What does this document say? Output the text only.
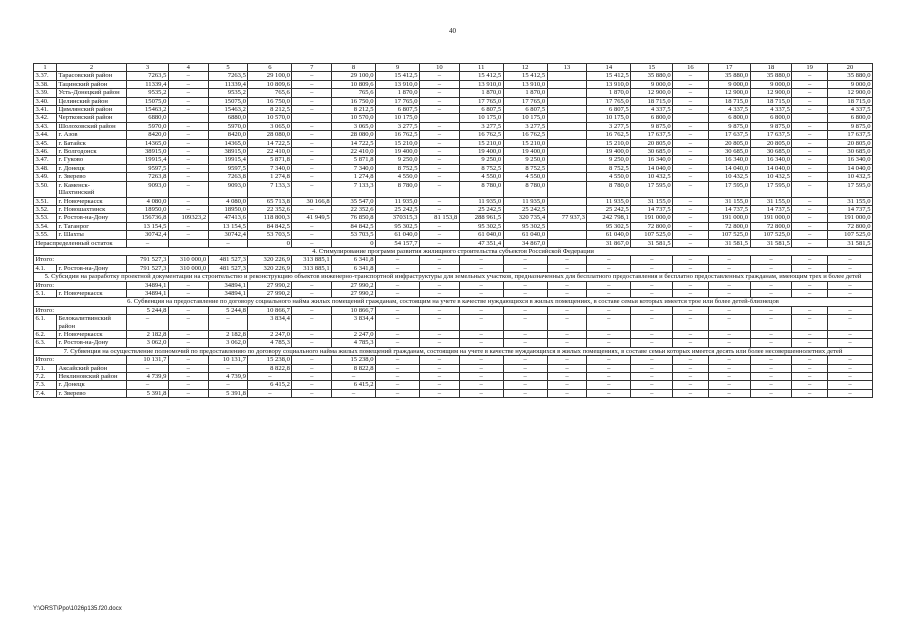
40
1	2	3	4	5	6	7	8	9	10	11	12	13	14	15	16	17	18	19	20
3.37.	Тарасовский район	7263,5	–	7263,5	29 100,0	–	29 100,0	15 412,5	–	15 412,5	15 412,5		15 412,5	35 880,0	–	35 880,0	35 880,0	–	35 880,0
3.38.	Тацинский район	11339,4	–	11339,4	10 809,6	–	10 809,6	13 910,0	–	13 910,0	13 910,0		13 910,0	9 000,0	–	9 000,0	9 000,0	–	9 000,0
3.39.	Усть-Донецкий район	9535,2	–	9535,2	765,6	–	765,6	1 870,0	–	1 870,0	1 870,0		1 870,0	12 900,0	–	12 900,0	12 900,0	–	12 900,0
3.40.	Целинский район	15075,0	–	15075,0	16 750,0	–	16 750,0	17 765,0	–	17 765,0	17 765,0		17 765,0	18 715,0	–	18 715,0	18 715,0	–	18 715,0
3.41.	Цимлянский район	15463,2	–	15463,2	8 212,5	–	8 212,5	6 807,5	–	6 807,5	6 807,5		6 807,5	4 337,5	–	4 337,5	4 337,5	–	4 337,5
3.42.	Чертковский район	6880,0		6880,0	10 570,0		10 570,0	10 175,0		10 175,0	10 175,0		10 175,0	6 800,0		6 800,0	6 800,0		6 800,0
3.43.	Шолоховский район	5970,0	–	5970,0	3 065,0	–	3 065,0	3 277,5	–	3 277,5	3 277,5		3 277,5	9 875,0	–	9 875,0	9 875,0	–	9 875,0
3.44.	г. Азов	8420,0	–	8420,0	28 080,0	–	28 080,0	16 762,5	–	16 762,5	16 762,5		16 762,5	17 637,5	–	17 637,5	17 637,5	–	17 637,5
3.45.	г. Батайск	14365,0	–	14365,0	14 722,5	–	14 722,5	15 210,0	–	15 210,0	15 210,0		15 210,0	20 805,0	–	20 805,0	20 805,0	–	20 805,0
3.46.	г. Волгодонск	38915,0	–	38915,0	22 410,0	–	22 410,0	19 400,0	–	19 400,0	19 400,0		19 400,0	30 685,0	–	30 685,0	30 685,0	–	30 685,0
3.47.	г. Гуково	19915,4	–	19915,4	5 871,8	–	5 871,8	9 250,0	–	9 250,0	9 250,0		9 250,0	16 340,0	–	16 340,0	16 340,0	–	16 340,0
3.48.	г. Донецк	9597,5	–	9597,5	7 340,0	–	7 340,0	8 752,5	–	8 752,5	8 752,5		8 752,5	14 040,0	–	14 040,0	14 040,0	–	14 040,0
3.49.	г. Зверево	7263,8	–	7263,8	1 274,8	–	1 274,8	4 550,0	–	4 550,0	4 550,0		4 550,0	10 432,5	–	10 432,5	10 432,5	–	10 432,5
3.50.	г. Каменск-Шахтинский	9093,0	–	9093,0	7 133,3	–	7 133,3	8 780,0	–	8 780,0	8 780,0		8 780,0	17 595,0	–	17 595,0	17 595,0	–	17 595,0
3.51.	г. Новочеркасск	4 080,0	–	4 080,0	65 713,8	30 166,8	35 547,0	11 935,0	–	11 935,0	11 935,0		11 935,0	31 155,0	–	31 155,0	31 155,0	–	31 155,0
3.52.	г. Новошахтинск	18950,0	–	18950,0	22 352,6	–	22 352,6	25 242,5	–	25 242,5	25 242,5		25 242,5	14 737,5	–	14 737,5	14 737,5	–	14 737,5
3.53.	г. Ростов-на-Дону	156736,8	109323,2	47413,6	118 800,3	41 949,5	76 850,8	370315,3	81 153,8	288 961,5	320 735,4	77 937,3	242 798,1	191 000,0	–	191 000,0	191 000,0	–	191 000,0
3.54.	г. Таганрог	13 154,5	–	13 154,5	84 842,5	–	84 842,5	95 302,5	–	95 302,5	95 302,5		95 302,5	72 800,0	–	72 800,0	72 800,0	–	72 800,0
3.55.	г. Шахты	30742,4	–	30742,4	53 703,5	–	53 703,5	61 040,0	–	61 040,0	61 040,0		61 040,0	107 525,0	–	107 525,0	107 525,0	–	107 525,0
Нераспределенный остаток		–		–	0	–	0	54 157,7	–	47 351,4	34 867,0		31 867,0	31 581,5	–	31 581,5	31 581,5	–	31 581,5
4. Стимулирование программ развития жилищного строительства субъектов Российской Федерации																			
Итого:		791 527,3	310 000,0	481 527,3	320 226,9	313 885,1	6 341,8	–	–	–	–	–	–	–	–	–	–	–	–
4.1.	г. Ростов-на-Дону	791 527,3	310 000,0	481 527,3	320 226,9	313 885,1	6 341,8	–	–	–	–	–	–	–	–	–	–	–	–
5. Субсидии на разработку проектной документации на строительство и реконструкцию объектов инженерно-транспортной инфраструктуры для земельных участков, предназначенных для бесплатного предоставления и бесплатно предоставленных гражданам, имеющим трех и более детей																			
Итого:		34894,1	–	34894,1	27 990,2	–	27 990,2	–	–	–	–	–	–	–	–	–	–	–	–
5.1.	г. Новочеркасск	34894,1	–	34894,1	27 990,2	–	27 990,2	–	–	–	–	–	–	–	–	–	–	–	–
6. Субвенция на предоставление по договору социального найма жилых помещений гражданам, состоящим на учете в качестве нуждающихся в жилых помещениях, в составе семьи которых имеется трое или более детей-близнецов																			
Итого:		5 244,8	–	5 244,8	10 866,7	–	10 866,7	–	–	–	–	–	–	–	–	–	–	–	–
6.1.	Белокалитвинский район	–	–	–	3 834,4	–	3 834,4	–	–	–	–	–	–	–	–	–	–	–	–
6.2.	г. Новочеркасск	2 182,8	–	2 182,8	2 247,0	–	2 247,0	–	–	–	–	–	–	–	–	–	–	–	–
6.3.	г. Ростов-на-Дону	3 062,0	–	3 062,0	4 785,3	–	4 785,3	–	–	–	–	–	–	–	–	–	–	–	–
7. Субвенция на осуществление полномочий по предоставлению по договору социального найма жилых помещений гражданам, состоящим на учете в качестве нуждающихся в жилых помещениях, в составе семьи которых имеется десять или более несовершеннолетних детей																			
Итого:		10 131,7	–	10 131,7	15 238,0	–	15 238,0	–	–	–	–	–	–	–	–	–	–	–	–
7.1.	Аксайский район	–	–	–	8 822,8	–	8 822,8	–	–	–	–	–	–	–	–	–	–	–	–
7.2.	Неклиновский район	4 739,9	–	4 739,9	–	–	–	–	–	–	–	–	–	–	–	–	–	–	–
7.3.	г. Донецк	–	–	–	6 415,2	–	6 415,2	–	–	–	–	–	–	–	–	–	–	–	–
7.4.	г. Зверево	5 391,8	–	5 391,8	–	–	–	–	–	–	–	–	–	–	–	–	–	–	–
Y:\ORST\Ppo\1026p135.f20.docx
